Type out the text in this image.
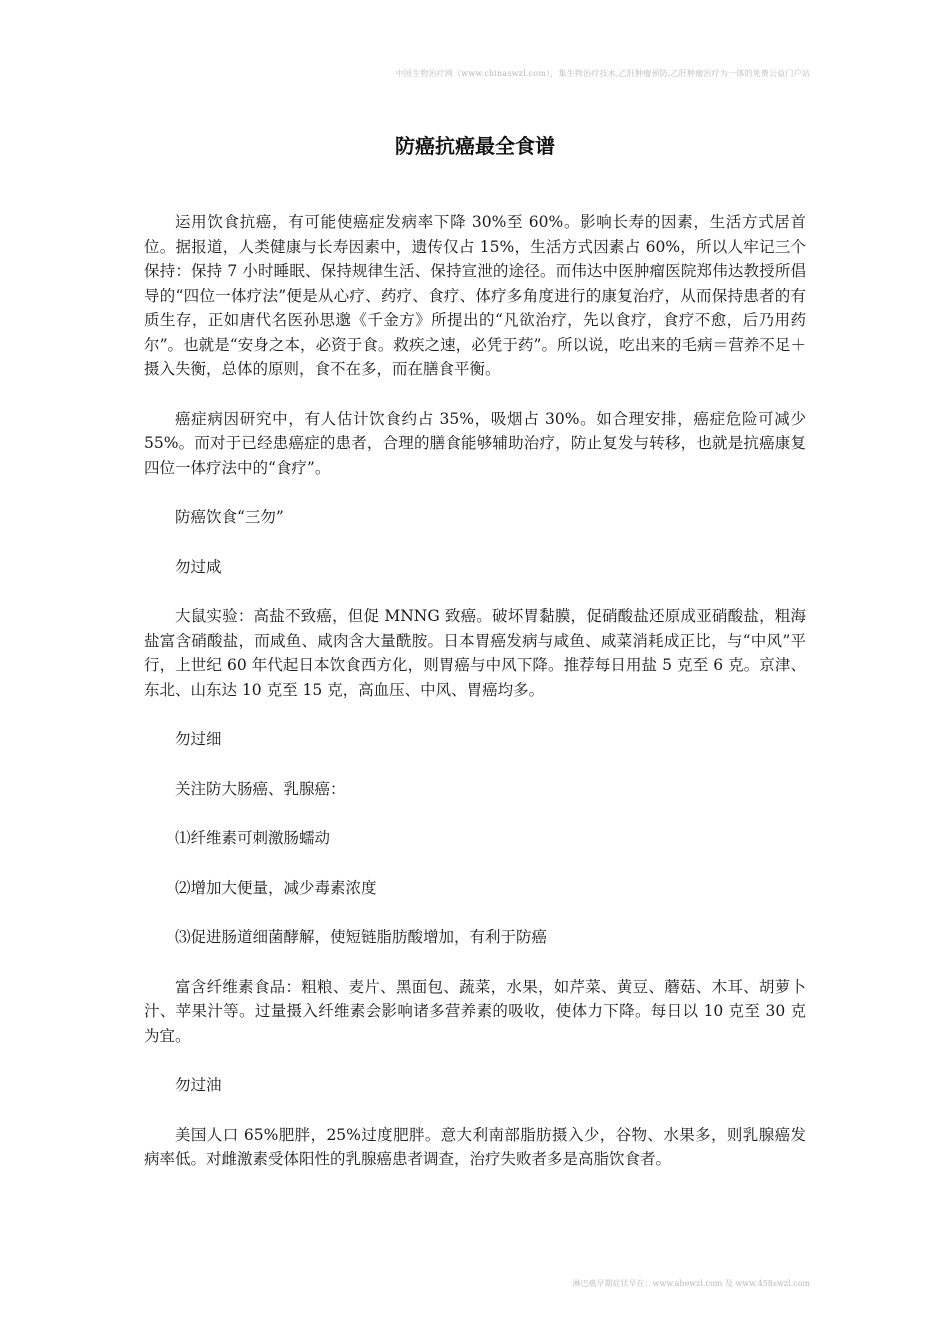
中国生物治疗网（www.chinaswzl.com），集生物治疗技术,乙肝肿瘤预防,乙肝肿瘤治疗为一体的免费公益门户站
防癌抗癌最全食谱

运用饮食抗癌，有可能使癌症发病率下降 30%至 60%。影响长寿的因素，生活方式居首位。据报道，人类健康与长寿因素中，遗传仅占 15%，生活方式因素占 60%，所以人牢记三个保持：保持 7 小时睡眠、保持规律生活、保持宣泄的途径。而伟达中医肿瘤医院郑伟达教授所倡导的“四位一体疗法”便是从心疗、药疗、食疗、体疗多角度进行的康复治疗，从而保持患者的有质生存，正如唐代名医孙思邈《千金方》所提出的“凡欲治疗，先以食疗，食疗不愈，后乃用药尔”。也就是“安身之本，必资于食。救疾之速，必凭于药”。所以说，吃出来的毛病＝营养不足＋摄入失衡，总体的原则，食不在多，而在膳食平衡。

癌症病因研究中，有人估计饮食约占 35%，吸烟占 30%。如合理安排，癌症危险可减少 55%。而对于已经患癌症的患者，合理的膳食能够辅助治疗，防止复发与转移，也就是抗癌康复四位一体疗法中的“食疗”。

防癌饮食“三勿”

勿过咸

大鼠实验：高盐不致癌，但促 MNNG 致癌。破坏胃黏膜，促硝酸盐还原成亚硝酸盐，粗海盐富含硝酸盐，而咸鱼、咸肉含大量酰胺。日本胃癌发病与咸鱼、咸菜消耗成正比，与“中风”平行，上世纪 60 年代起日本饮食西方化，则胃癌与中风下降。推荐每日用盐 5 克至 6 克。京津、东北、山东达 10 克至 15 克，高血压、中风、胃癌均多。

勿过细

关注防大肠癌、乳腺癌：

⑴纤维素可刺激肠蠕动

⑵增加大便量，减少毒素浓度

⑶促进肠道细菌酵解，使短链脂肪酸增加，有利于防癌

富含纤维素食品：粗粮、麦片、黑面包、蔬菜，水果，如芹菜、黄豆、蘑菇、木耳、胡萝卜汁、苹果汁等。过量摄入纤维素会影响诸多营养素的吸收，使体力下降。每日以 10 克至 30 克为宜。

勿过油

美国人口 65%肥胖，25%过度肥胖。意大利南部脂肪摄入少，谷物、水果多，则乳腺癌发病率低。对雌激素受体阳性的乳腺癌患者调查，治疗失败者多是高脂饮食者。

淋巴癌早期症状早在：www.ahewzl.com 及 www.458swzl.com
